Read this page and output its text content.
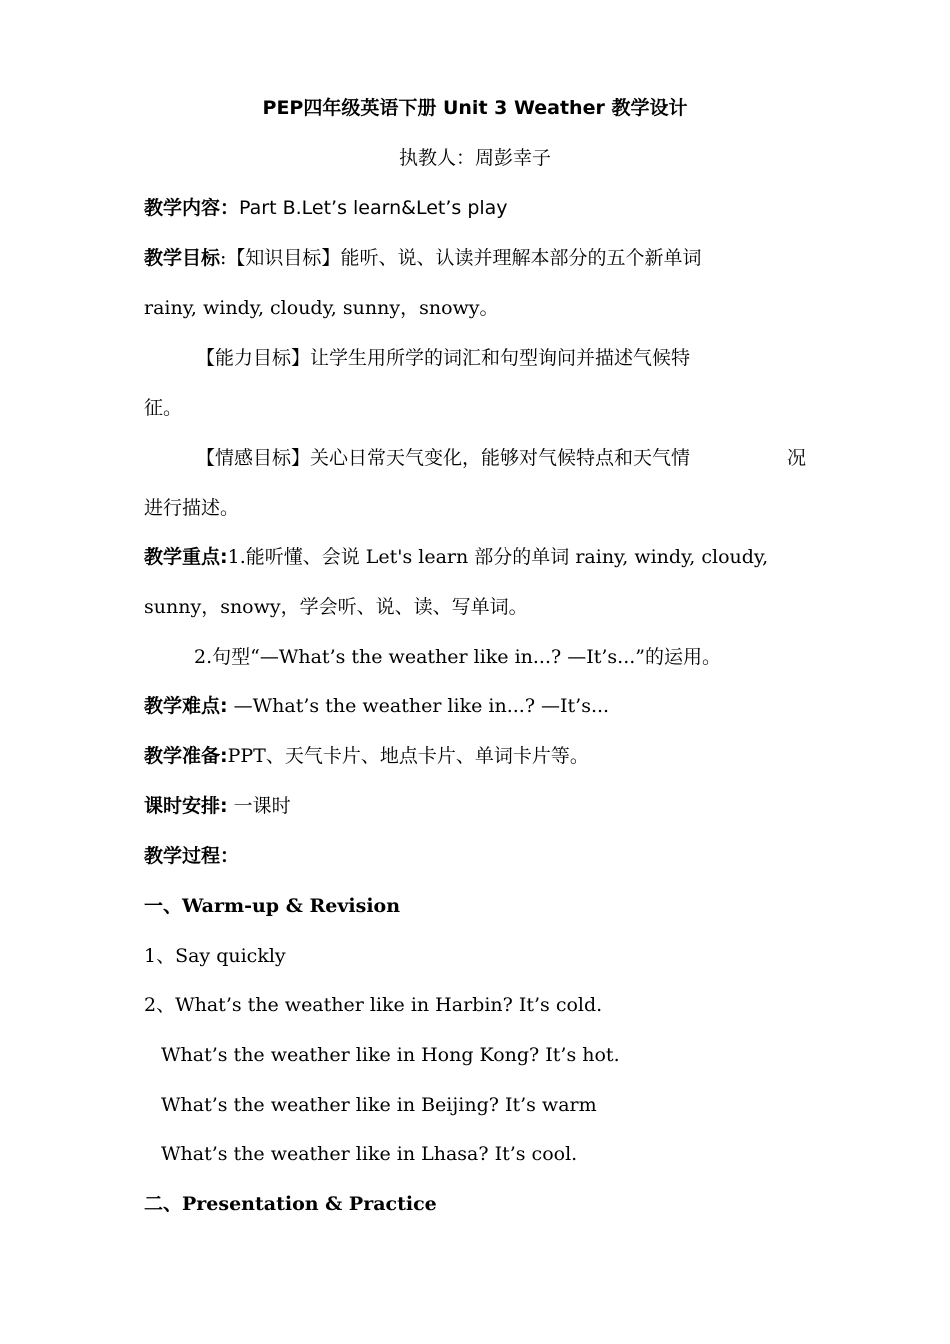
PEP四年级英语下册 Unit 3 Weather 教学设计
执教人：周彭幸子
教学内容：Part B.Let’s learn&Let’s play
教学目标:【知识目标】能听、说、认读并理解本部分的五个新单词
rainy, windy, cloudy, sunny，snowy。
【能力目标】让学生用所学的词汇和句型询问并描述气候特
征。
【情感目标】关心日常天气变化，能够对气候特点和天气情	况
进行描述。
教学重点:1.能听懂、会说 Let's learn 部分的单词 rainy, windy, cloudy,
sunny，snowy，学会听、说、读、写单词。
2.句型“—What’s the weather like in...? —It’s...”的运用。
教学难点: —What’s the weather like in...? —It’s...
教学准备:PPT、天气卡片、地点卡片、单词卡片等。
课时安排: 一课时
教学过程：
一、Warm-up & Revision
1、Say quickly
2、What’s the weather like in Harbin? It’s cold.
What’s the weather like in Hong Kong? It’s hot.
What’s the weather like in Beijing? It’s warm
What’s the weather like in Lhasa? It’s cool.
二、Presentation & Practice
